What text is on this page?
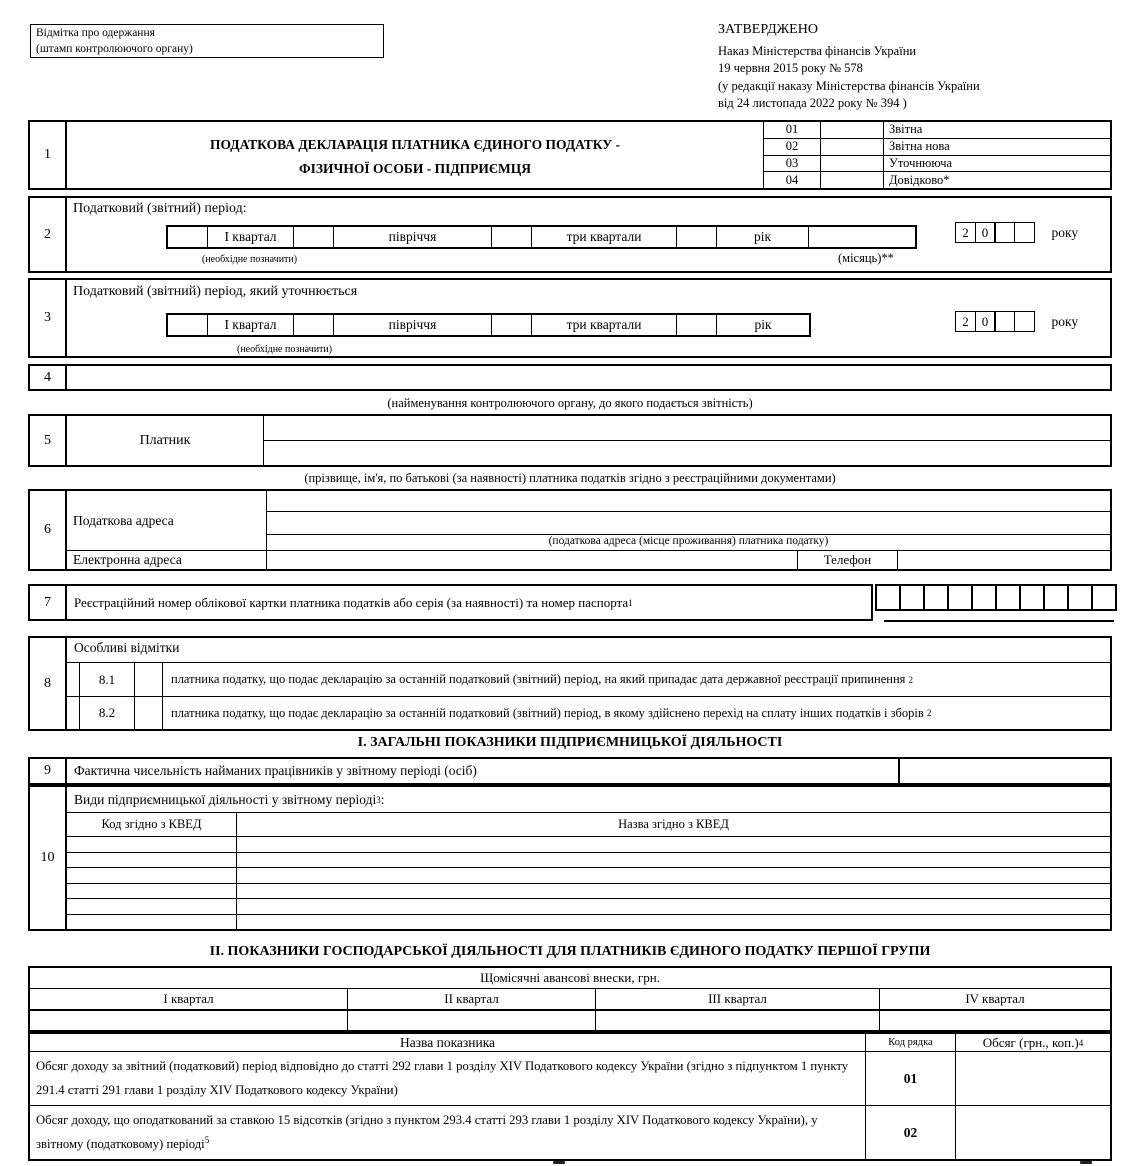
Відмітка про одержання
(штамп контролюючого органу)
ЗАТВЕРДЖЕНО
Наказ Міністерства фінансів України
19 червня 2015 року № 578
(у редакції наказу Міністерства фінансів України
від 24 листопада 2022 року № 394 )
1
ПОДАТКОВА ДЕКЛАРАЦІЯ ПЛАТНИКА ЄДИНОГО ПОДАТКУ -
ФІЗИЧНОЇ ОСОБИ - ПІДПРИЄМЦЯ
01	Звітна
02	Звітна нова
03	Уточнююча
04	Довідково*
2
Податковий (звітний) період:
І квартал	півріччя	три квартали	рік
(необхідне позначити)	(місяць)**
2	0	року
3
Податковий (звітний) період, який уточнюється
І квартал	півріччя	три квартали	рік
(необхідне позначити)
2	0	року
4
(найменування контролюючого органу, до якого подається звітність)
5	Платник
(прізвище, ім'я, по батькові (за наявності) платника податків згідно з реєстраційними документами)
6
Податкова адреса
(податкова адреса (місце проживання) платника податку)
Електронна адреса	Телефон
7	Реєстраційний номер облікової картки платника податків або серія (за наявності) та номер паспорта 1
8
Особливі відмітки
8.1	платника податку, що подає декларацію за останній податковий (звітний) період, на який припадає дата державної реєстрації припинення
2
8.2	платника податку, що подає декларацію за останній податковий (звітний) період, в якому здійснено перехід на сплату інших податків і зборів
2
І. ЗАГАЛЬНІ ПОКАЗНИКИ ПІДПРИЄМНИЦЬКОЇ ДІЯЛЬНОСТІ
9	Фактична чисельність найманих працівників у звітному періоді (осіб)
10
Види підприємницької діяльності у звітному періоді 3 :
Код згідно з КВЕД	Назва згідно з КВЕД
ІІ. ПОКАЗНИКИ ГОСПОДАРСЬКОЇ ДІЯЛЬНОСТІ ДЛЯ ПЛАТНИКІВ ЄДИНОГО ПОДАТКУ ПЕРШОЇ ГРУПИ
Щомісячні авансові внески, грн.
І квартал	ІІ квартал	ІІІ квартал	ІV квартал
Назва показника	Код рядка	Обсяг (грн., коп.) 4
Обсяг доходу за звітний (податковий) період відповідно до статті 292 глави 1 розділу XIV Податкового кодексу України (згідно з підпунктом 1 пункту 291.4 статті 291 глави 1 розділу XIV Податкового кодексу України)
01
Обсяг доходу, що оподаткований за ставкою 15 відсотків (згідно з пунктом 293.4 статті 293 глави 1 розділу XIV Податкового кодексу України), у звітному (податковому) періоді$^5$	02
